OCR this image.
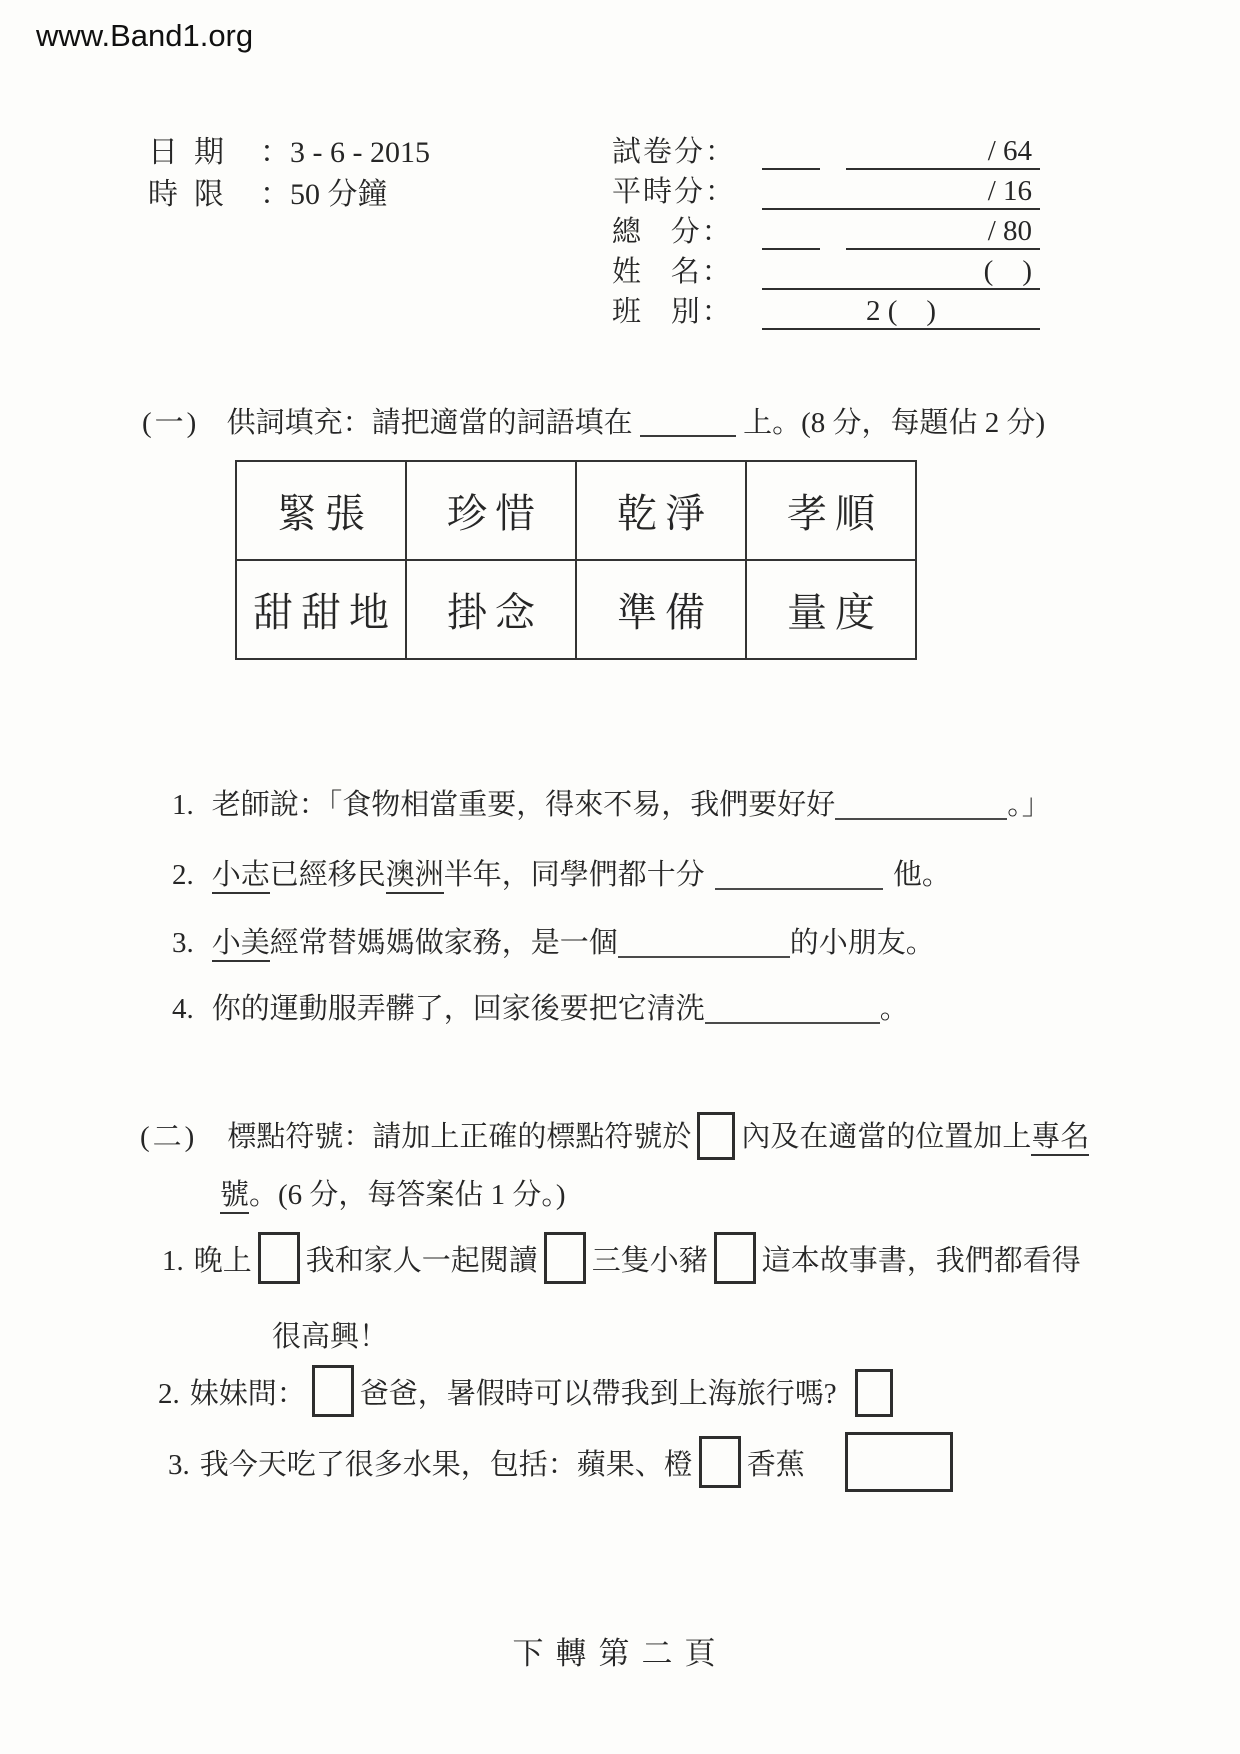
www.Band1.org
日期 ：3 - 6 - 2015
時限 ：50 分鐘
試卷分：	/ 64
平時分：	/ 16
總   分：	/ 80
姓   名：	(    )
班   別：	2 (    )
(一) 供詞填充：請把適當的詞語填在	上。(8 分，每題佔 2 分)
緊張	珍惜	乾淨	孝順
甜甜地	掛念	準備	量度
1. 老師說：「食物相當重要，得來不易，我們要好好	。」
2. 小志已經移民澳洲半年，同學們都十分	他。
3. 小美經常替媽媽做家務，是一個	的小朋友。
4. 你的運動服弄髒了，回家後要把它清洗	。
(二) 標點符號：請加上正確的標點符號於 內及在適當的位置加上專名
號。(6 分，每答案佔 1 分。)
1. 晚上 我和家人一起閱讀 三隻小豬 這本故事書，我們都看得
很高興！
2. 妹妹問： 爸爸，暑假時可以帶我到上海旅行嗎?
3. 我今天吃了很多水果，包括：蘋果、橙 香蕉
下轉第二頁
